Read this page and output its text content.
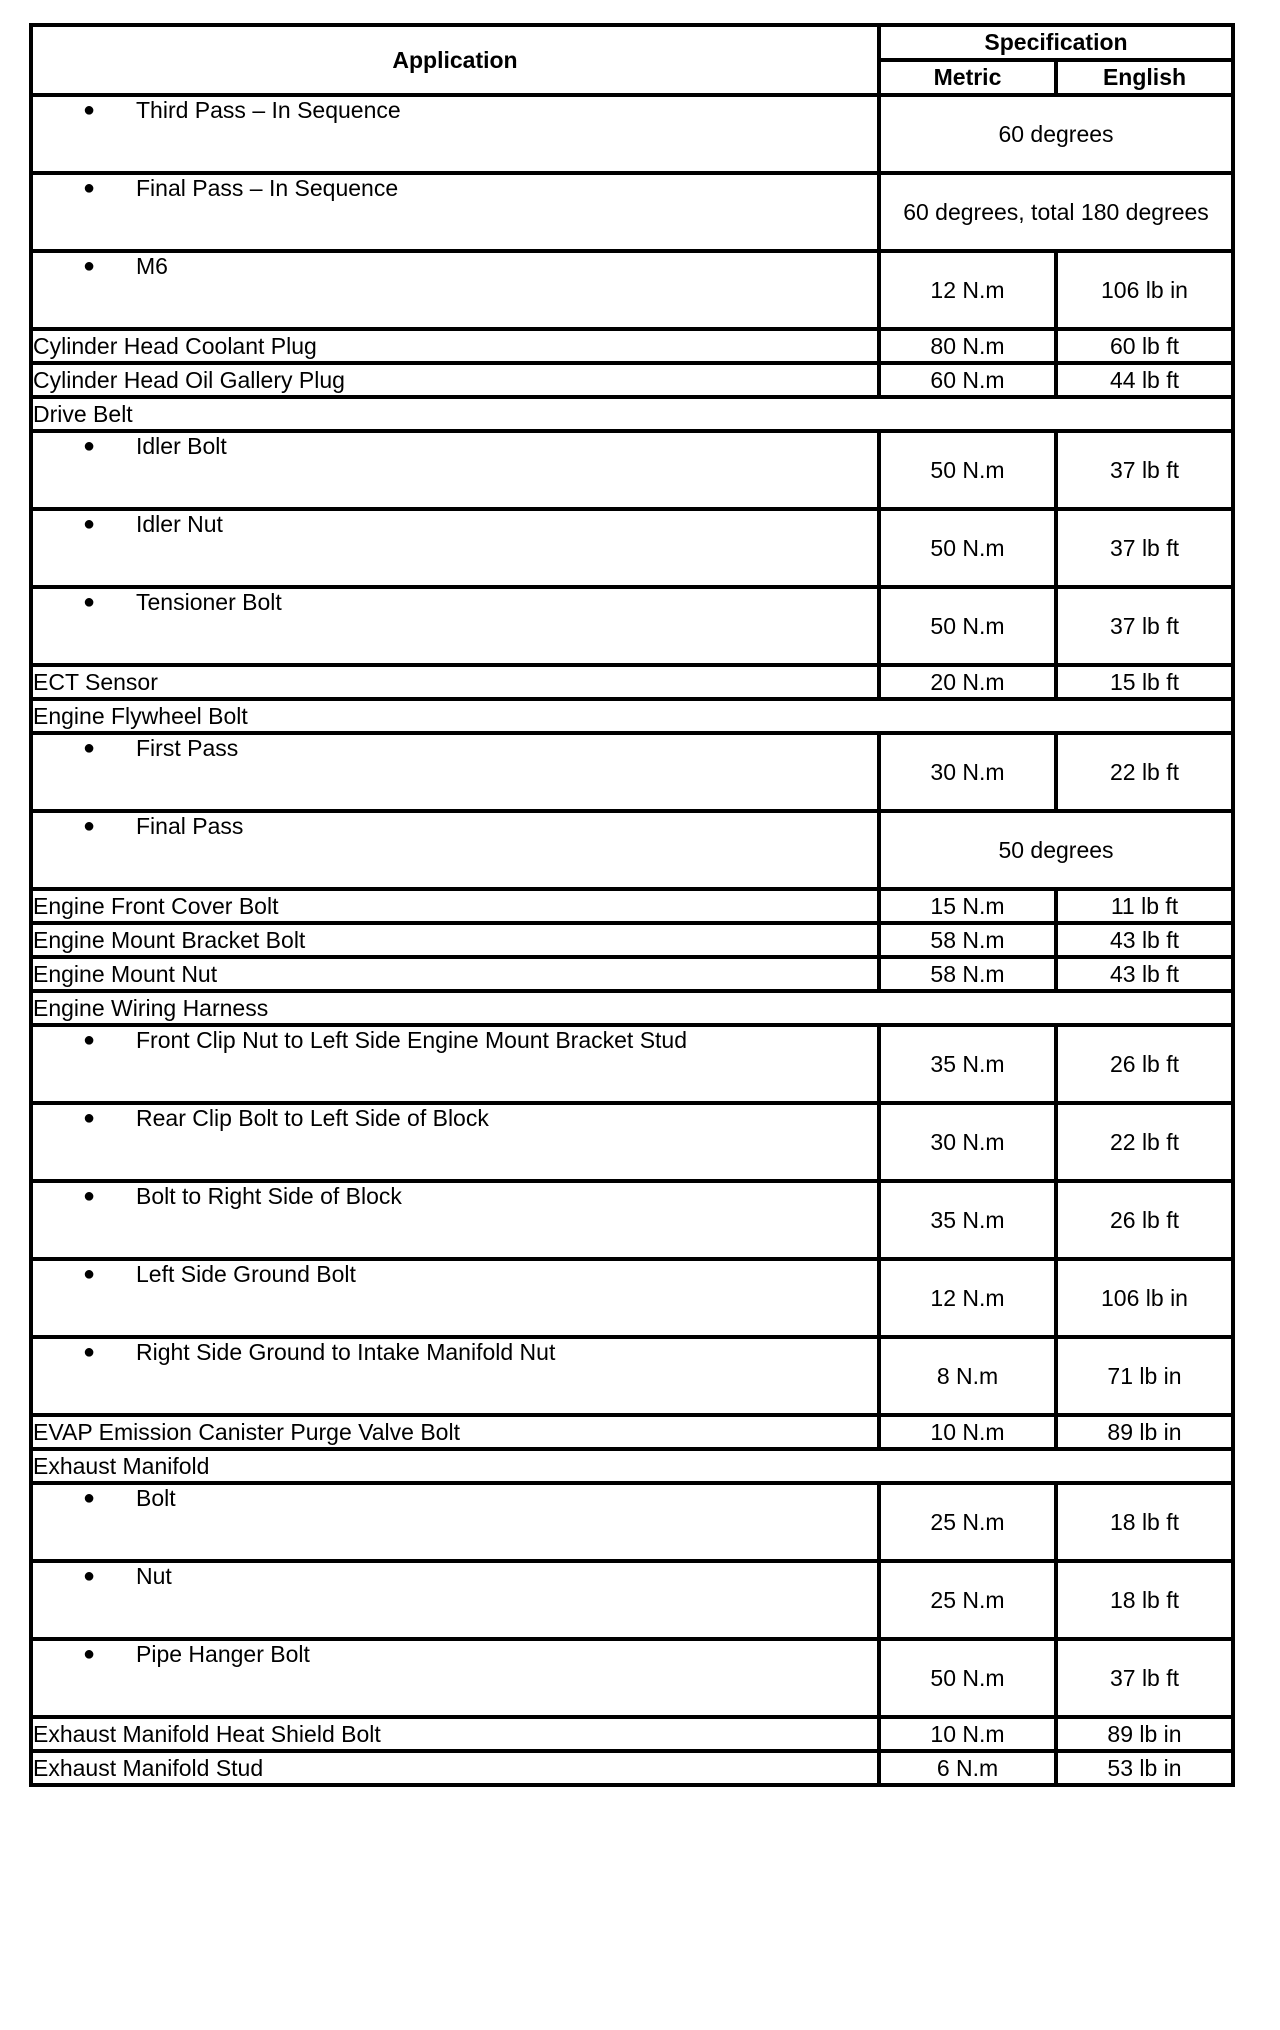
Application	Specification	
	Metric	English

● Third Pass – In Sequence	60 degrees	

● Final Pass – In Sequence	60 degrees, total 180 degrees	

● M6	12 N.m	106 lb in
Cylinder Head Coolant Plug	80 N.m	60 lb ft
Cylinder Head Oil Gallery Plug	60 N.m	44 lb ft
Drive Belt		

● Idler Bolt	50 N.m	37 lb ft

● Idler Nut	50 N.m	37 lb ft

● Tensioner Bolt	50 N.m	37 lb ft
ECT Sensor	20 N.m	15 lb ft
Engine Flywheel Bolt		

● First Pass	30 N.m	22 lb ft

● Final Pass	50 degrees	
Engine Front Cover Bolt	15 N.m	11 lb ft
Engine Mount Bracket Bolt	58 N.m	43 lb ft
Engine Mount Nut	58 N.m	43 lb ft
Engine Wiring Harness		

● Front Clip Nut to Left Side Engine Mount Bracket Stud	35 N.m	26 lb ft

● Rear Clip Bolt to Left Side of Block	30 N.m	22 lb ft

● Bolt to Right Side of Block	35 N.m	26 lb ft

● Left Side Ground Bolt	12 N.m	106 lb in

● Right Side Ground to Intake Manifold Nut	8 N.m	71 lb in
EVAP Emission Canister Purge Valve Bolt	10 N.m	89 lb in
Exhaust Manifold		

● Bolt	25 N.m	18 lb ft

● Nut	25 N.m	18 lb ft

● Pipe Hanger Bolt	50 N.m	37 lb ft
Exhaust Manifold Heat Shield Bolt	10 N.m	89 lb in
Exhaust Manifold Stud	6 N.m	53 lb in
